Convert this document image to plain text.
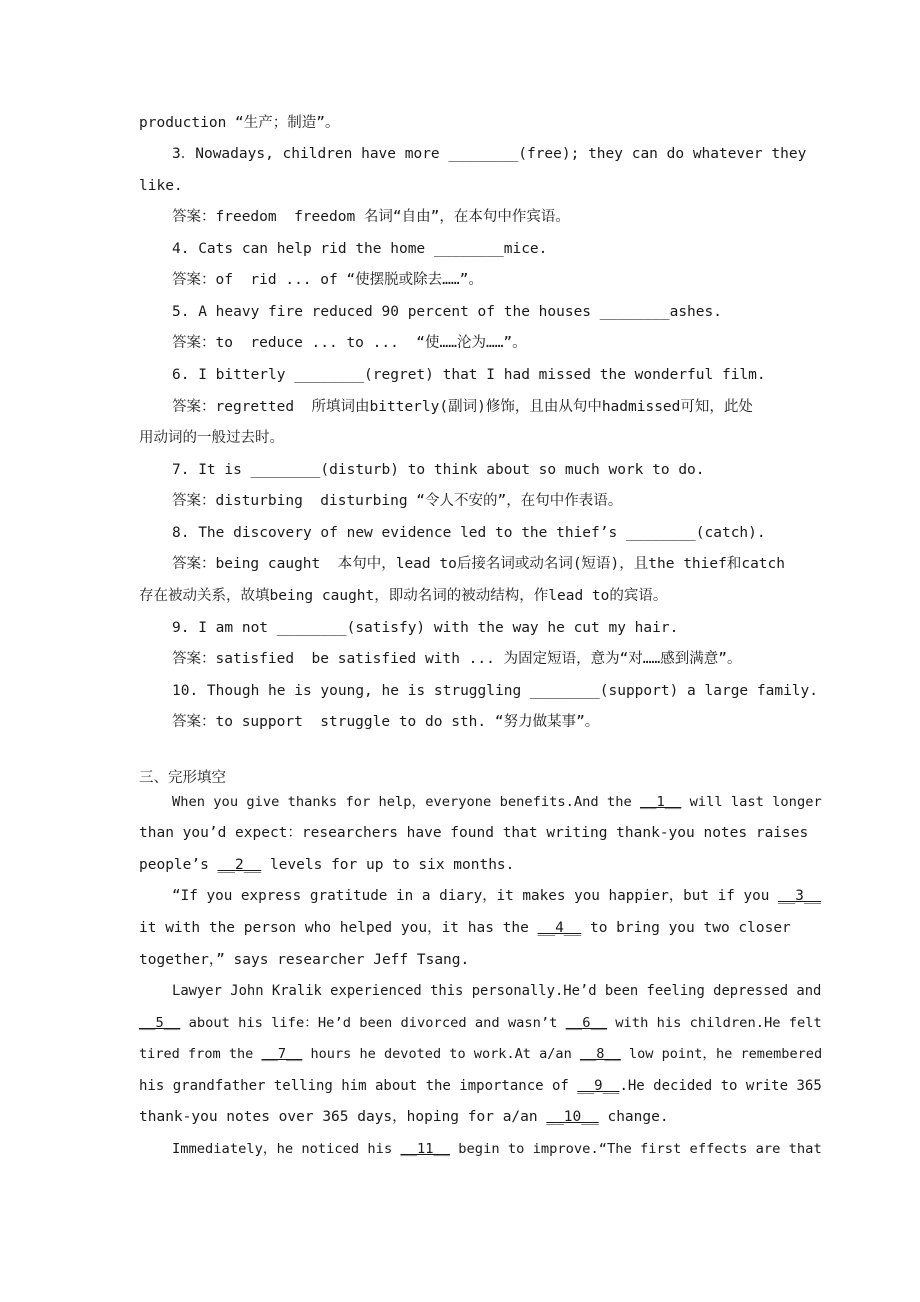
production “生产；制造”。
3．Nowadays, children have more ________(free); they can do whatever they
like.
答案：freedom  freedom 名词“自由”，在本句中作宾语。
4. Cats can help rid the home ________mice.
答案：of  rid ... of “使摆脱或除去……”。
5. A heavy fire reduced 90 percent of the houses ________ashes.
答案：to  reduce ... to ...  “使……沦为……”。
6. I bitterly ________(regret) that I had missed the wonderful film.
答案：regretted  所填词由bitterly(副词)修饰，且由从句中hadmissed可知，此处
用动词的一般过去时。
7. It is ________(disturb) to think about so much work to do.
答案：disturbing  disturbing “令人不安的”，在句中作表语。
8. The discovery of new evidence led to the thief’s ________(catch).
答案：being caught  本句中，lead to后接名词或动名词(短语)，且the thief和catch
存在被动关系，故填being caught，即动名词的被动结构，作lead to的宾语。
9. I am not ________(satisfy) with the way he cut my hair.
答案：satisfied  be satisfied with ... 为固定短语，意为“对……感到满意”。
10. Though he is young, he is struggling ________(support) a large family.
答案：to support  struggle to do sth. “努力做某事”。
三、完形填空
When you give thanks for help，everyone benefits.And the __1__ will last longer
than you’d expect：researchers have found that writing thank-you notes raises
people’s __2__ levels for up to six months.
“If you express gratitude in a diary，it makes you happier，but if you __3__
it with the person who helped you，it has the __4__ to bring you two closer
together，” says researcher Jeff Tsang.
Lawyer John Kralik experienced this personally.He’d been feeling depressed and
__5__ about his life：He’d been divorced and wasn’t __6__ with his children.He felt
tired from the __7__ hours he devoted to work.At a/an __8__ low point，he remembered
his grandfather telling him about the importance of __9__.He decided to write 365
thank-you notes over 365 days，hoping for a/an __10__ change.
Immediately，he noticed his __11__ begin to improve.“The first effects are that
